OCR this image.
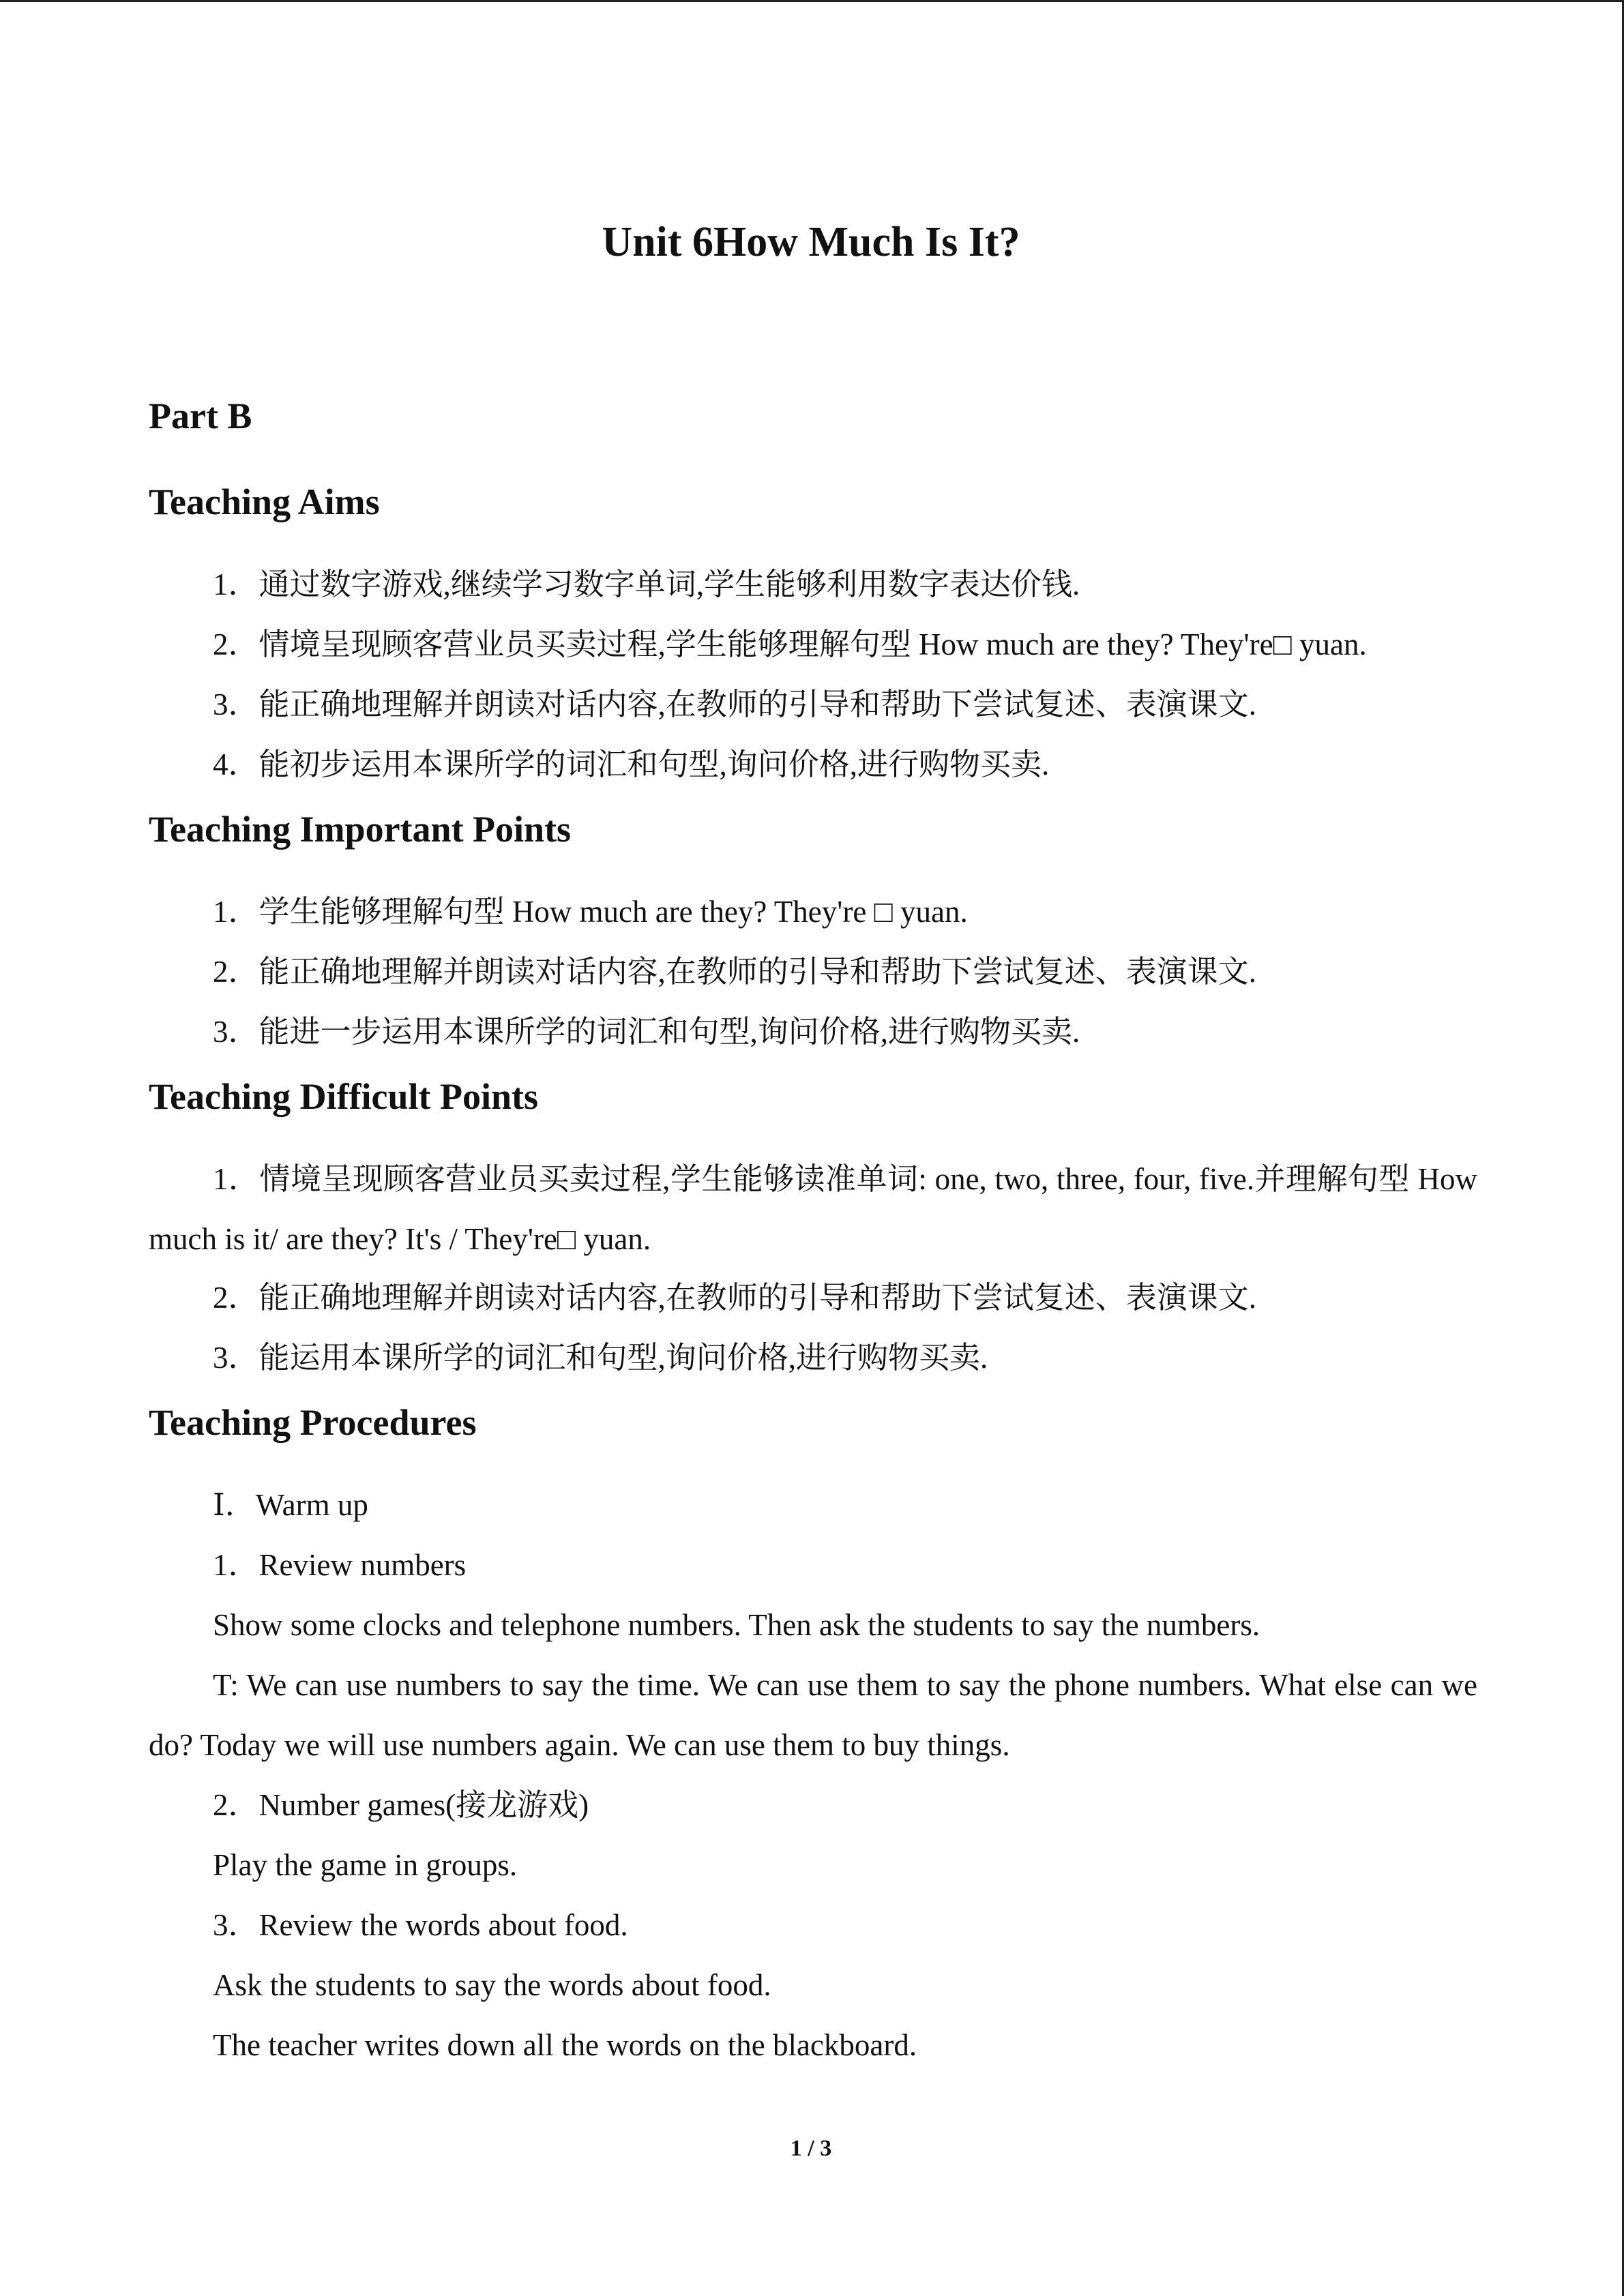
Unit 6How Much Is It?
Part B
Teaching Aims
1．通过数字游戏,继续学习数字单词,学生能够利用数字表达价钱.
2．情境呈现顾客营业员买卖过程,学生能够理解句型 How much are they? They're□ yuan.
3．能正确地理解并朗读对话内容,在教师的引导和帮助下尝试复述、表演课文.
4．能初步运用本课所学的词汇和句型,询问价格,进行购物买卖.
Teaching Important Points
1．学生能够理解句型 How much are they? They're □ yuan.
2．能正确地理解并朗读对话内容,在教师的引导和帮助下尝试复述、表演课文.
3．能进一步运用本课所学的词汇和句型,询问价格,进行购物买卖.
Teaching Difficult Points
1．情境呈现顾客营业员买卖过程,学生能够读准单词: one, two, three, four, five.并理解句型 How much is it/ are they? It's / They're□ yuan.
2．能正确地理解并朗读对话内容,在教师的引导和帮助下尝试复述、表演课文.
3．能运用本课所学的词汇和句型,询问价格,进行购物买卖.
Teaching Procedures
Ⅰ．Warm up
1．Review numbers
Show some clocks and telephone numbers. Then ask the students to say the numbers.
T: We can use numbers to say the time. We can use them to say the phone numbers. What else can we do? Today we will use numbers again. We can use them to buy things.
2．Number games(接龙游戏)
Play the game in groups.
3．Review the words about food.
Ask the students to say the words about food.
The teacher writes down all the words on the blackboard.
1 / 3
